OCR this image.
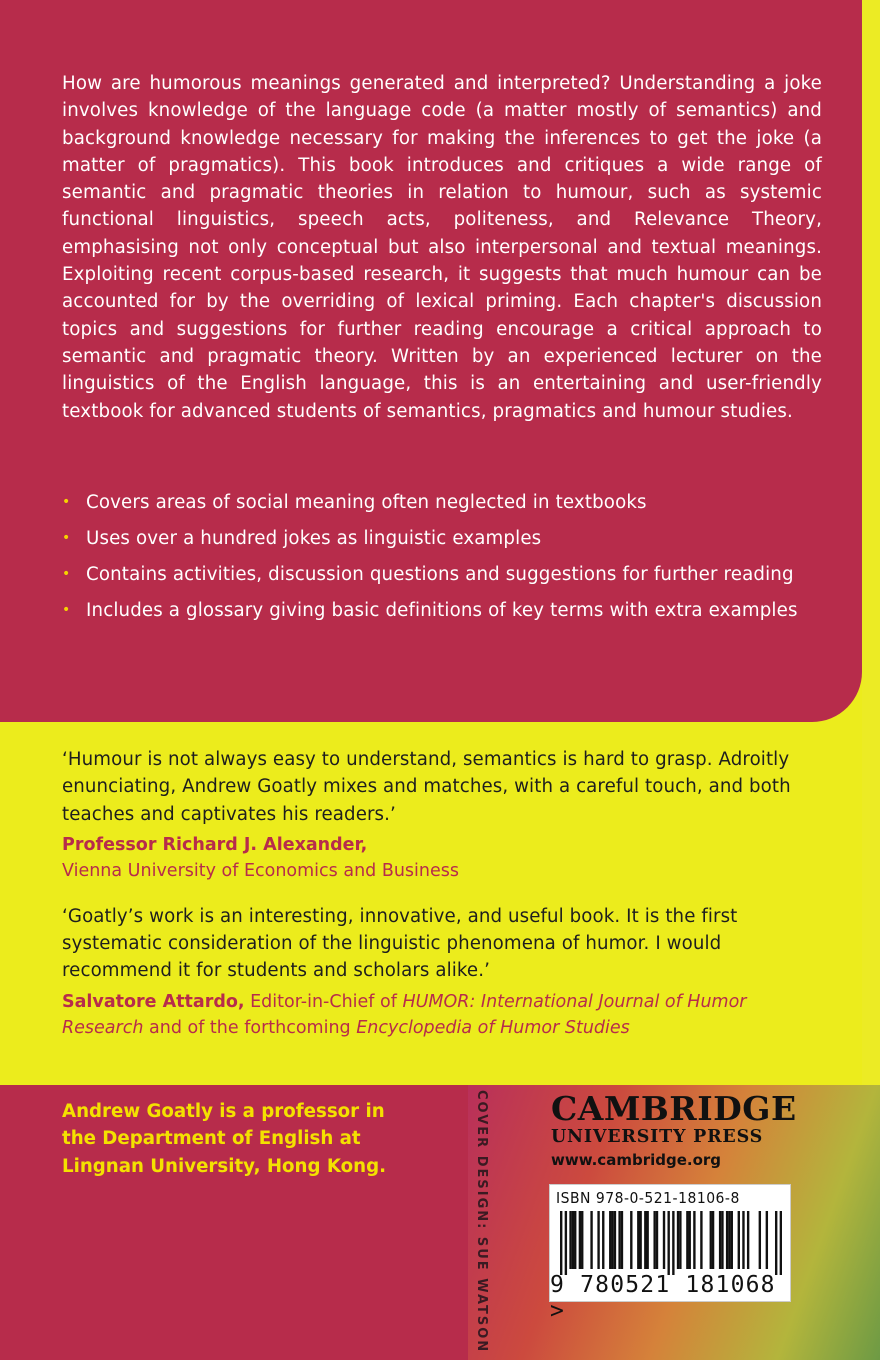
How are humorous meanings generated and interpreted? Understanding a joke involves knowledge of the language code (a matter mostly of semantics) and background knowledge necessary for making the inferences to get the joke (a matter of pragmatics). This book introduces and critiques a wide range of semantic and pragmatic theories in relation to humour, such as systemic functional linguistics, speech acts, politeness, and Relevance Theory, emphasising not only conceptual but also interpersonal and textual meanings. Exploiting recent corpus-based research, it suggests that much humour can be accounted for by the overriding of lexical priming. Each chapter's discussion topics and suggestions for further reading encourage a critical approach to semantic and pragmatic theory. Written by an experienced lecturer on the linguistics of the English language, this is an entertaining and user-friendly textbook for advanced students of semantics, pragmatics and humour studies.

• Covers areas of social meaning often neglected in textbooks
• Uses over a hundred jokes as linguistic examples
• Contains activities, discussion questions and suggestions for further reading
• Includes a glossary giving basic definitions of key terms with extra examples

‘Humour is not always easy to understand, semantics is hard to grasp. Adroitly enunciating, Andrew Goatly mixes and matches, with a careful touch, and both teaches and captivates his readers.’

Professor Richard J. Alexander,
Vienna University of Economics and Business

‘Goatly’s work is an interesting, innovative, and useful book. It is the first systematic consideration of the linguistic phenomena of humor. I would recommend it for students and scholars alike.’

Salvatore Attardo, Editor-in-Chief of HUMOR: International Journal of Humor Research and of the forthcoming Encyclopedia of Humor Studies

Andrew Goatly is a professor in the Department of English at Lingnan University, Hong Kong.	COVER DESIGN: SUE WATSON CAMBRIDGE
UNIVERSITY PRESS
www.cambridge.org
ISBN 978-0-521-18106-8
9 780521 181068 >
